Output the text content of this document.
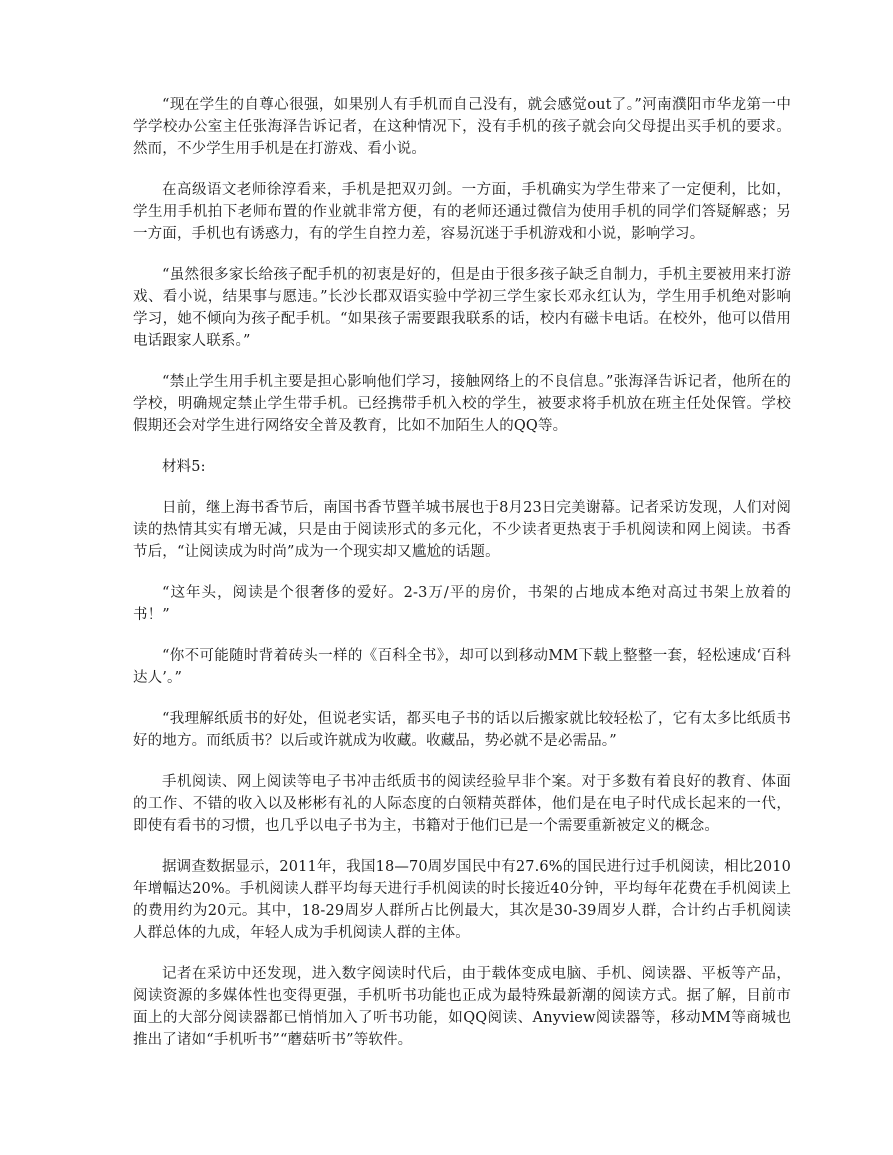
“现在学生的自尊心很强，如果别人有手机而自己没有，就会感觉out了。”河南濮阳市华龙第一中学学校办公室主任张海泽告诉记者，在这种情况下，没有手机的孩子就会向父母提出买手机的要求。然而，不少学生用手机是在打游戏、看小说。

在高级语文老师徐淳看来，手机是把双刃剑。一方面，手机确实为学生带来了一定便利，比如，学生用手机拍下老师布置的作业就非常方便，有的老师还通过微信为使用手机的同学们答疑解惑；另一方面，手机也有诱惑力，有的学生自控力差，容易沉迷于手机游戏和小说，影响学习。

“虽然很多家长给孩子配手机的初衷是好的，但是由于很多孩子缺乏自制力，手机主要被用来打游戏、看小说，结果事与愿违。”长沙长郡双语实验中学初三学生家长邓永红认为，学生用手机绝对影响学习，她不倾向为孩子配手机。“如果孩子需要跟我联系的话，校内有磁卡电话。在校外，他可以借用电话跟家人联系。”

“禁止学生用手机主要是担心影响他们学习，接触网络上的不良信息。”张海泽告诉记者，他所在的学校，明确规定禁止学生带手机。已经携带手机入校的学生，被要求将手机放在班主任处保管。学校假期还会对学生进行网络安全普及教育，比如不加陌生人的QQ等。

材料5:

日前，继上海书香节后，南国书香节暨羊城书展也于8月23日完美谢幕。记者采访发现，人们对阅读的热情其实有增无减，只是由于阅读形式的多元化，不少读者更热衷于手机阅读和网上阅读。书香节后，“让阅读成为时尚”成为一个现实却又尴尬的话题。

“这年头，阅读是个很奢侈的爱好。2-3万/平的房价，书架的占地成本绝对高过书架上放着的书！”

“你不可能随时背着砖头一样的《百科全书》，却可以到移动MM下载上整整一套，轻松速成‘百科达人’。”

“我理解纸质书的好处，但说老实话，都买电子书的话以后搬家就比较轻松了，它有太多比纸质书好的地方。而纸质书？以后或许就成为收藏。收藏品，势必就不是必需品。”

手机阅读、网上阅读等电子书冲击纸质书的阅读经验早非个案。对于多数有着良好的教育、体面的工作、不错的收入以及彬彬有礼的人际态度的白领精英群体，他们是在电子时代成长起来的一代，即使有看书的习惯，也几乎以电子书为主，书籍对于他们已是一个需要重新被定义的概念。

据调查数据显示，2011年，我国18—70周岁国民中有27.6%的国民进行过手机阅读，相比2010年增幅达20%。手机阅读人群平均每天进行手机阅读的时长接近40分钟，平均每年花费在手机阅读上的费用约为20元。其中，18-29周岁人群所占比例最大，其次是30-39周岁人群，合计约占手机阅读人群总体的九成，年轻人成为手机阅读人群的主体。

记者在采访中还发现，进入数字阅读时代后，由于载体变成电脑、手机、阅读器、平板等产品，阅读资源的多媒体性也变得更强，手机听书功能也正成为最特殊最新潮的阅读方式。据了解，目前市面上的大部分阅读器都已悄悄加入了听书功能，如QQ阅读、Anyview阅读器等，移动MM等商城也推出了诸如“手机听书”“蘑菇听书”等软件。
